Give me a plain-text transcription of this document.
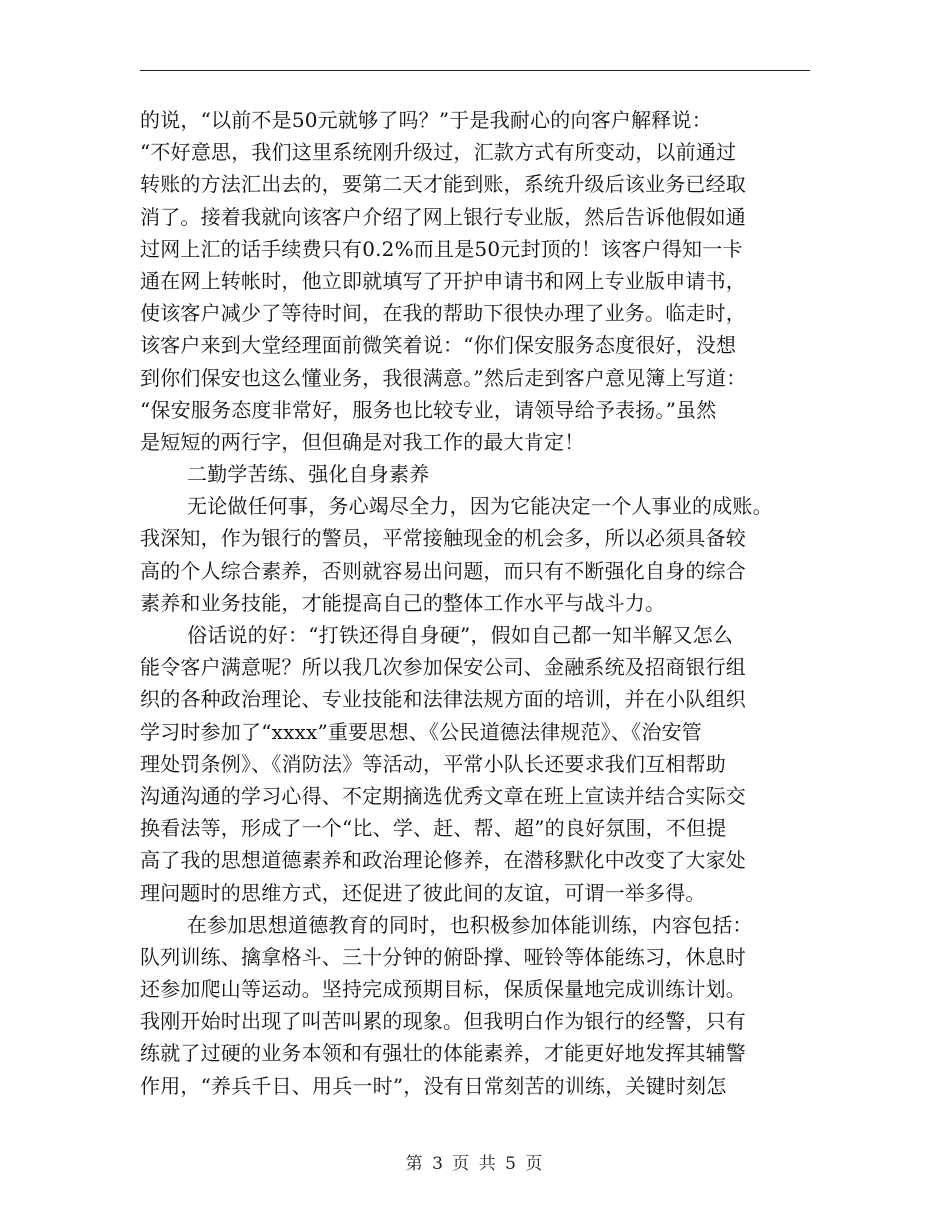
的说，“以前不是50元就够了吗？”于是我耐心的向客户解释说：
“不好意思，我们这里系统刚升级过，汇款方式有所变动，以前通过
转账的方法汇出去的，要第二天才能到账，系统升级后该业务已经取
消了。接着我就向该客户介绍了网上银行专业版，然后告诉他假如通
过网上汇的话手续费只有0.2%而且是50元封顶的！该客户得知一卡
通在网上转帐时，他立即就填写了开护申请书和网上专业版申请书，
使该客户减少了等待时间，在我的帮助下很快办理了业务。临走时，
该客户来到大堂经理面前微笑着说：“你们保安服务态度很好，没想
到你们保安也这么懂业务，我很满意。”然后走到客户意见簿上写道：
“保安服务态度非常好，服务也比较专业，请领导给予表扬。”虽然
是短短的两行字，但但确是对我工作的最大肯定！
二勤学苦练、强化自身素养
无论做任何事，务心竭尽全力，因为它能决定一个人事业的成账。
我深知，作为银行的警员，平常接触现金的机会多，所以必须具备较
高的个人综合素养，否则就容易出问题，而只有不断强化自身的综合
素养和业务技能，才能提高自己的整体工作水平与战斗力。
俗话说的好：“打铁还得自身硬”，假如自己都一知半解又怎么
能令客户满意呢？所以我几次参加保安公司、金融系统及招商银行组
织的各种政治理论、专业技能和法律法规方面的培训，并在小队组织
学习时参加了“xxxx”重要思想、《公民道德法律规范》、《治安管
理处罚条例》、《消防法》等活动，平常小队长还要求我们互相帮助
沟通沟通的学习心得、不定期摘选优秀文章在班上宣读并结合实际交
换看法等，形成了一个“比、学、赶、帮、超”的良好氛围，不但提
高了我的思想道德素养和政治理论修养，在潜移默化中改变了大家处
理问题时的思维方式，还促进了彼此间的友谊，可谓一举多得。
在参加思想道德教育的同时，也积极参加体能训练，内容包括：
队列训练、擒拿格斗、三十分钟的俯卧撑、哑铃等体能练习，休息时
还参加爬山等运动。坚持完成预期目标，保质保量地完成训练计划。
我刚开始时出现了叫苦叫累的现象。但我明白作为银行的经警，只有
练就了过硬的业务本领和有强壮的体能素养，才能更好地发挥其辅警
作用，“养兵千日、用兵一时”，没有日常刻苦的训练，关键时刻怎
第 3 页 共 5 页
